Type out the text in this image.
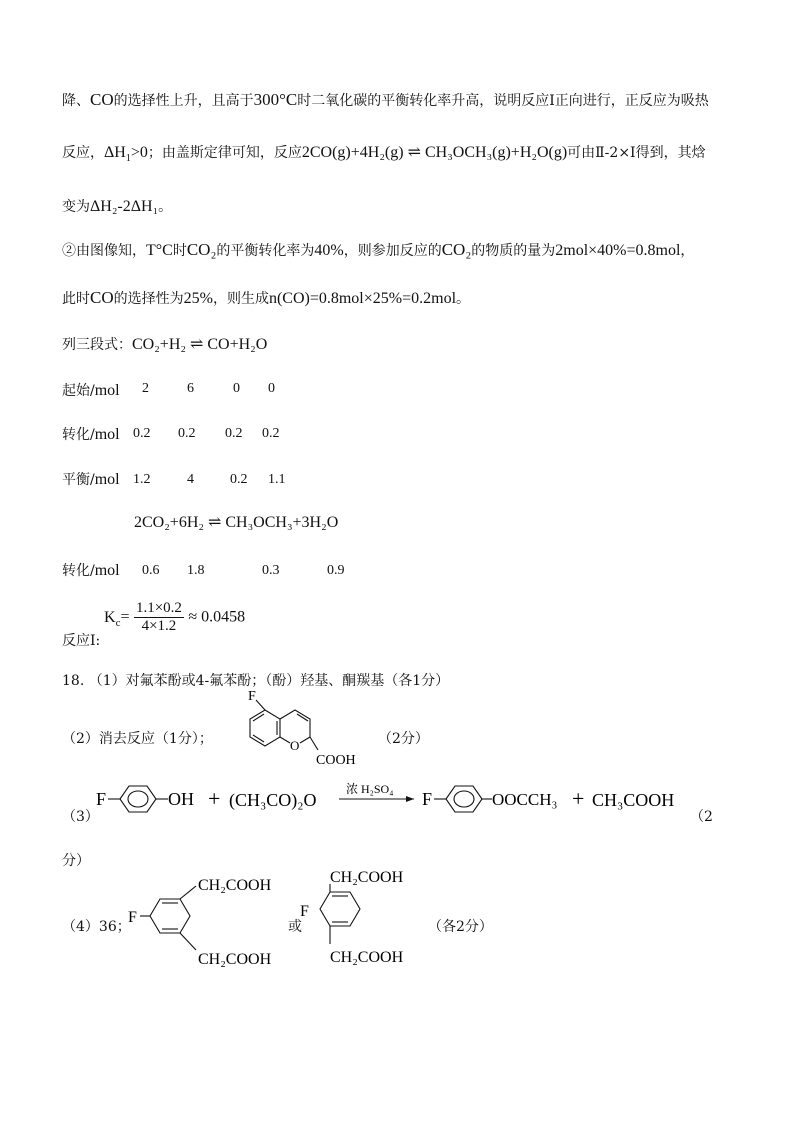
降、CO的选择性上升，且高于300°C时二氧化碳的平衡转化率升高，说明反应Ⅰ正向进行，正反应为吸热
反应，$\Delta H_1>0$；由盖斯定律可知，反应2CO(g)+4H₂(g) ⇌ CH₃OCH₃(g)+H₂O(g)可由Ⅱ-2×Ⅰ得到，其焓
变为ΔH₂-2ΔH₁。
②由图像知，T°C时CO₂的平衡转化率为40%，则参加反应的CO₂的物质的量为2mol×40%=0.8mol，
此时CO的选择性为25%，则生成n(CO)=0.8mol×25%=0.2mol。
列三段式：CO₂+H₂ ⇌ CO+H₂O
起始/mol 2	6	0 0
转化/mol 0.2 0.2 0.2 0.2
平衡/mol 1.2	4	0.2 1.1
2CO₂+6H₂ ⇌ CH₃OCH₃+3H₂O
转化/mol 0.6 1.8	0.3	0.9
反应Ⅰ:
$K_c= \frac{1.1\times 0.2}{4\times 1.2} \approx 0.0458$
18. （1）对氟苯酚或4-氟苯酚；（酚）羟基、酮羰基（各1分）
（2）消去反应（1分）；	（2分）
F
O
COOH
（3）
F	OH + (CH₃CO)₂O
浓 H₂SO₄ F	OOCCH₃ + CH₃COOH
（2
分）
（4）36；
F
CH₂COOH
CH₂COOH
或
F
CH₂COOH
CH₂COOH
（各2分）
